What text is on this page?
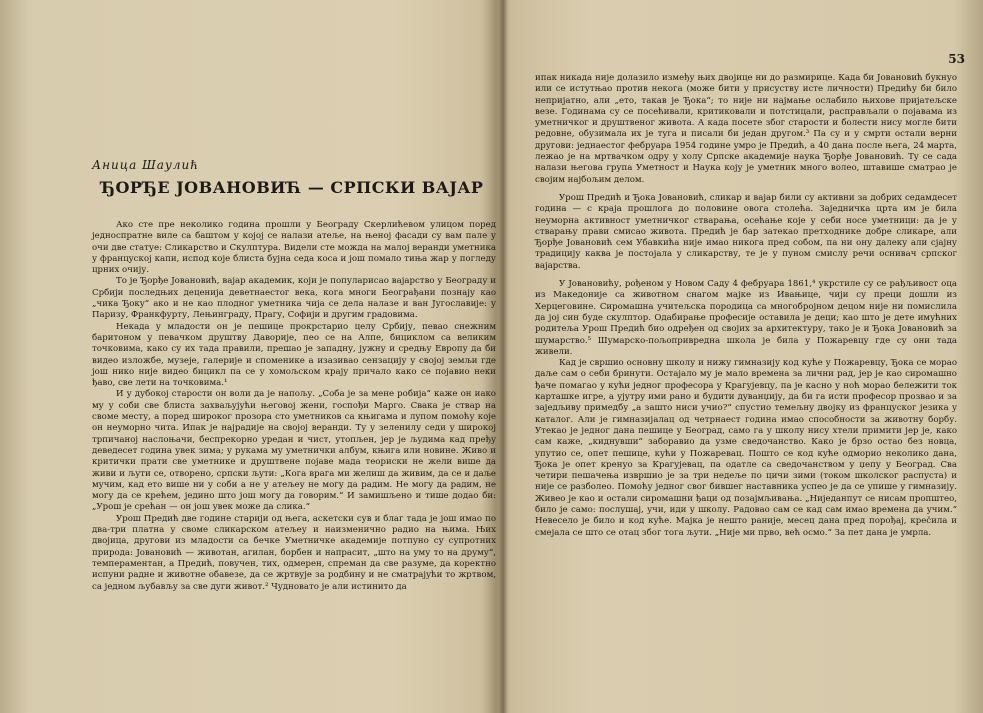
Аница Шаулић
ЂОРЂЕ ЈОВАНОВИЋ — СРПСКИ ВАЈАР

Ако сте пре неколико година прошли у Београду Скерлићевом улицом поред једноспратне виле са баштом у којој се налази атеље, на њеној фасади су вам пале у очи две статуе: Сликарство и Скулптура. Видели сте можда на малој веранди уметника у француској капи, испод које блиста бујна седа коса и још помало тиња жар у погледу црних очију.

То је Ђорђе Јовановић, вајар академик, који је популарисао вајарство у Београду и Србији последњих деценија деветнаестог века, кога многи Београђани познају као „чика Ђоку“ ако и не као плодног уметника чија се дела налазе и ван Југославије: у Паризу, Франкфурту, Лењинграду, Прагу, Софији и другим градовима.

Некада у младости он је пешице прокрстарио целу Србију, певао снежним баритоном у певачком друштву Даворије, пео се на Алпе, бициклом са великим точковима, како су их тада правили, прешао је западну, јужну и средњу Европу да би видео изложбе, музеје, галерије и споменике а изазивао сензацију у својој земљи где још нико није видео бицикл па се у хомољском крају причало како се појавио неки ђаво, све лети на точковима.¹

И у дубокој старости он воли да је напољу. „Соба је за мене робија“ каже он иако му у соби све блиста захваљујући његовој жени, госпођи Марго. Свака је ствар на своме месту, а поред широког прозора сто уметников са књигама и лупом помоћу које он неуморно чита. Ипак је најрадије на својој веранди. Ту у зеленилу седи у широкој трпичаној наслоњачи, беспрекорно уредан и чист, утопљен, јер је људима кад пређу деведесет година увек зима; у рукама му уметнички албум, књига или новине. Живо и критички прати све уметнике и друштвене појаве мада теориски не жели више да живи и љути се, отворено, српски љути: „Кога врага ми желиш да живим, да се и даље мучим, кад ето више ни у соби а не у атељеу не могу да радим. Не могу да радим, не могу да се крећем, једино што још могу да говорим.“ И замишљено и тише додао би: „Урош је срећан — он још увек може да слика.“

Урош Предић две године старији од њега, аскетски сув и благ тада је још имао по два-три платна у своме сликарском атељеу и наизменично радио на њима. Њих двојица, другови из младости са бечке Уметничке академије потпуно су супротних природа: Јовановић — животан, агилан, борбен и напрасит, „што на уму то на друму“, темпераментан, а Предић, повучен, тих, одмерен, спреман да све разуме, да коректно испуни радне и животне обавезе, да се жртвује за родбину и не сматрајући то жртвом, са једном љубављу за све дуги живот.² Чудновато је али истинито да

53

ипак никада није долазило између њих двојице ни до размирице. Када би Јовановић букнуо или се истутњао против некога (може бити у присуству исте личности) Предићу би било непријатно, али „ето, такав је Ђока“; то није ни најмање ослабило њихове пријатељске везе. Годинама су се посећивали, критиковали и потстицали, расправљали о појавама из уметничког и друштвеног живота. А када посете због старости и болести нису могле бити редовне, обузимала их је туга и писали би један другом.³ Па су и у смрти остали верни другови: једнаестог фебруара 1954 године умро је Предић, а 40 дана после њега, 24 марта, лежао је на мртвачком одру у холу Српске академије наука Ђорђе Јовановић. Ту се сада налази његова група Уметност и Наука коју је уметник много волео, штавише сматрао је својим најбољим делом.

Урош Предић и Ђока Јовановић, сликар и вајар били су активни за добрих седамдесет година — с краја прошлога до половине овога столећа. Заједничка црта им је била неуморна активност уметничког стварања, осећање које у себи носе уметници: да је у стварању прави смисао живота. Предић је бар затекао претходнике добре сликаре, али Ђорђе Јовановић сем Убавкића није имао никога пред собом, па ни ону далеку али сјајну традицију каква је постојала у сликарству, те је у пуном смислу речи оснивач српског вајарства.

У Јовановићу, рођеном у Новом Саду 4 фебруара 1861,⁴ укрстиле су се рађљивост оца из Македоније са животном снагом мајке из Ивањице, чији су преци дошли из Херцеговине. Сиромашна учитељска породица са многобројном децом није ни помислила да јој син буде скулптор. Одабирање професије оставила је деци; као што је дете имућних родитеља Урош Предић био одређен од својих за архитектуру, тако је и Ђока Јовановић за шумарство.⁵ Шумарско-пољопривредна школа је била у Пожаревцу где су они тада живели.

Кад је свршио основну школу и нижу гимназију код куће у Пожаревцу, Ђока се морао даље сам о себи бринути. Остајало му је мало времена за лични рад, јер је као сиромашно ђаче помагао у кући једног професора у Крагујевцу, па је касно у ноћ морао бележити ток карташке игре, а ујутру ими рано и будити дуванџију, да би га исти професор прозвао и за заједљиву примедбу „а зашто ниси учио?“ спустио темељну двојку из француског језика у каталог. Али је гимназијалац од четрнаест година имао способности за животну борбу. Утекао је једног дана пешице у Београд, само га у школу нису хтели примити јер је, како сам каже, „киднувши“ заборавио да узме сведочанство. Како је брзо остао без новца, упутио се, опет пешице, кући у Пожаревац. Пошто се код куће одморио неколико дана, Ђока је опет кренуо за Крагујевац, па одатле са сведочанством у џепу у Београд. Сва четири пешачења извршио је за три недеље по цичи зими (током школског распуста) и није се разболео. Помоћу једног свог бившег наставника успео је да се упише у гимназију. Живео је као и остали сиромашни ђаци од позајмљивања. „Ниједанпут се нисам пропштео, било је само: послушај, учи, иди у школу. Радовао сам се кад сам имао времена да учим.“ Невесело је било и код куће. Мајка је нешто раније, месец дана пред порођај, крečила и смејала се што се отац због тога љути. „Није ми прво, већ осмо.“ За пет дана је умрла.
